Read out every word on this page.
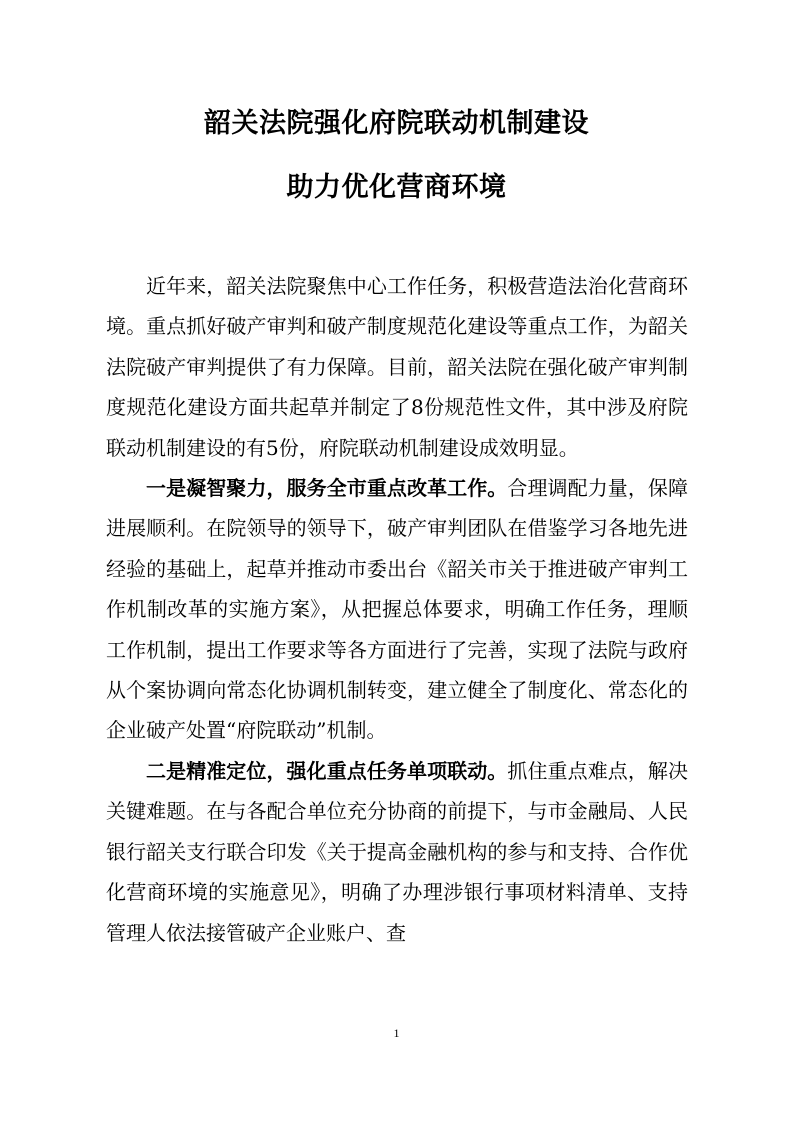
韶关法院强化府院联动机制建设
助力优化营商环境

近年来，韶关法院聚焦中心工作任务，积极营造法治化营商环境。重点抓好破产审判和破产制度规范化建设等重点工作，为韶关法院破产审判提供了有力保障。目前，韶关法院在强化破产审判制度规范化建设方面共起草并制定了8份规范性文件，其中涉及府院联动机制建设的有5份，府院联动机制建设成效明显。

一是凝智聚力，服务全市重点改革工作。合理调配力量，保障进展顺利。在院领导的领导下，破产审判团队在借鉴学习各地先进经验的基础上，起草并推动市委出台《韶关市关于推进破产审判工作机制改革的实施方案》，从把握总体要求，明确工作任务，理顺工作机制，提出工作要求等各方面进行了完善，实现了法院与政府从个案协调向常态化协调机制转变，建立健全了制度化、常态化的企业破产处置“府院联动”机制。

二是精准定位，强化重点任务单项联动。抓住重点难点，解决关键难题。在与各配合单位充分协商的前提下，与市金融局、人民银行韶关支行联合印发《关于提高金融机构的参与和支持、合作优化营商环境的实施意见》，明确了办理涉银行事项材料清单、支持管理人依法接管破产企业账户、查

1
